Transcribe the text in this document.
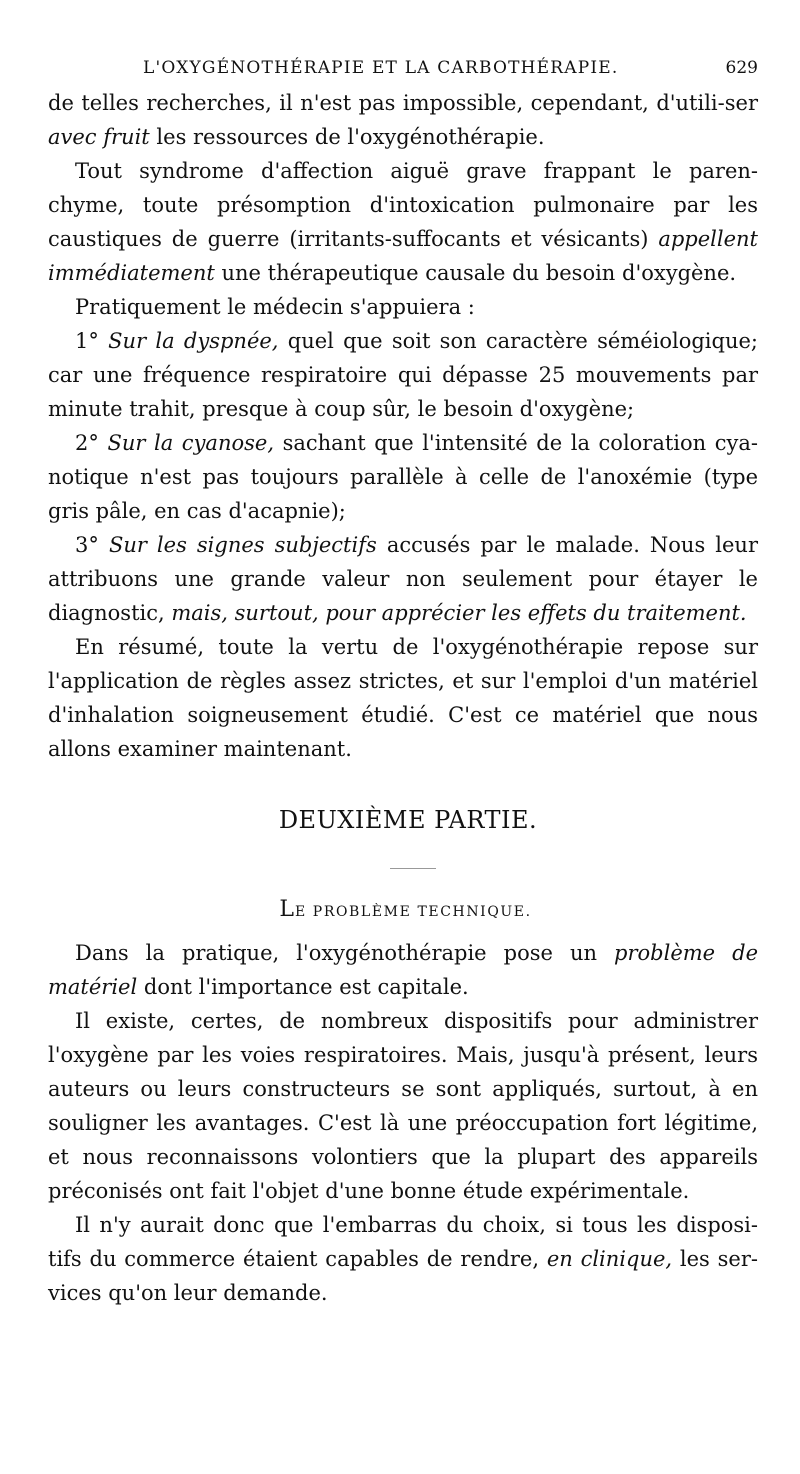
L'OXYGÉNOTHÉRAPIE ET LA CARBOTHÉRAPIE.	629

de telles recherches, il n'est pas impossible, cependant, d'utili-ser avec fruit les ressources de l'oxygénothérapie.

Tout syndrome d'affection aiguë grave frappant le paren-chyme, toute présomption d'intoxication pulmonaire par les caustiques de guerre (irritants-suffocants et vésicants) appellent immédiatement une thérapeutique causale du besoin d'oxygène.

Pratiquement le médecin s'appuiera :

1° Sur la dyspnée, quel que soit son caractère séméiologique; car une fréquence respiratoire qui dépasse 25 mouvements par minute trahit, presque à coup sûr, le besoin d'oxygène;

2° Sur la cyanose, sachant que l'intensité de la coloration cya-notique n'est pas toujours parallèle à celle de l'anoxémie (type gris pâle, en cas d'acapnie);

3° Sur les signes subjectifs accusés par le malade. Nous leur attribuons une grande valeur non seulement pour étayer le diagnostic, mais, surtout, pour apprécier les effets du traitement.

En résumé, toute la vertu de l'oxygénothérapie repose sur l'application de règles assez strictes, et sur l'emploi d'un matériel d'inhalation soigneusement étudié. C'est ce matériel que nous allons examiner maintenant.

DEUXIÈME PARTIE.
LE PROBLÈME TECHNIQUE.

Dans la pratique, l'oxygénothérapie pose un problème de matériel dont l'importance est capitale.

Il existe, certes, de nombreux dispositifs pour administrer l'oxygène par les voies respiratoires. Mais, jusqu'à présent, leurs auteurs ou leurs constructeurs se sont appliqués, surtout, à en souligner les avantages. C'est là une préoccupation fort légitime, et nous reconnaissons volontiers que la plupart des appareils préconisés ont fait l'objet d'une bonne étude expérimentale.

Il n'y aurait donc que l'embarras du choix, si tous les disposi-tifs du commerce étaient capables de rendre, en clinique, les ser-vices qu'on leur demande.
